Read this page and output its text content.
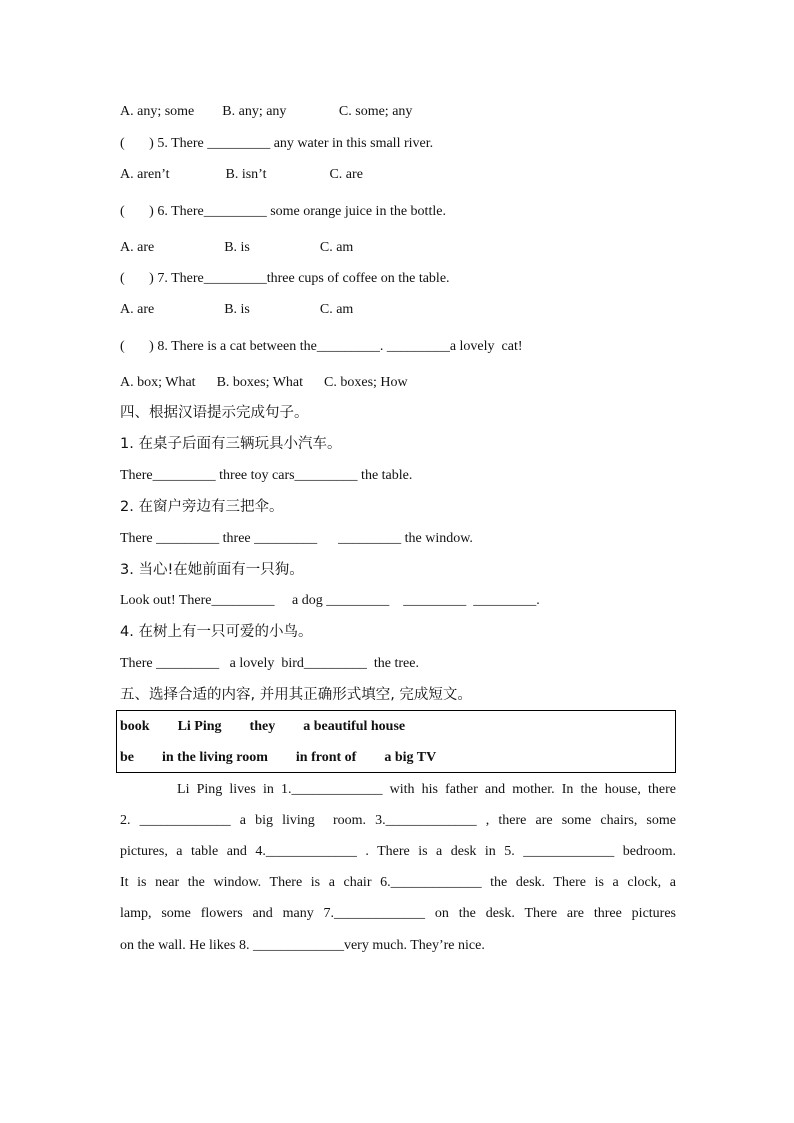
A. any; some        B. any; any               C. some; any
(       ) 5. There _________ any water in this small river.
A. aren’t                B. isn’t                  C. are
(       ) 6. There_________ some orange juice in the bottle.
A. are                    B. is                    C. am
(       ) 7. There_________three cups of coffee on the table.
A. are                    B. is                    C. am
(       ) 8. There is a cat between the_________. _________a lovely  cat!
A. box; What      B. boxes; What      C. boxes; How
四、根据汉语提示完成句子。
1. 在桌子后面有三辆玩具小汽车。
There_________ three toy cars_________ the table.
2. 在窗户旁边有三把伞。
There _________ three _________      _________ the window.
3. 当心!在她前面有一只狗。
Look out! There_________     a dog _________    _________  _________.
4. 在树上有一只可爱的小鸟。
There _________   a lovely  bird_________  the tree.
五、选择合适的内容, 并用其正确形式填空, 完成短文。
book        Li Ping        they        a beautiful house
be        in the living room        in front of        a big TV
Li Ping lives in 1._____________ with his father and mother. In the house, there
2. _____________ a big living  room. 3._____________ , there are some chairs, some
pictures, a table and 4._____________ . There is a desk in 5. _____________ bedroom.
It is near the window. There is a chair 6._____________ the desk. There is a clock, a
lamp, some flowers and many 7._____________ on the desk. There are three pictures
on the wall. He likes 8. _____________very much. They’re nice.
